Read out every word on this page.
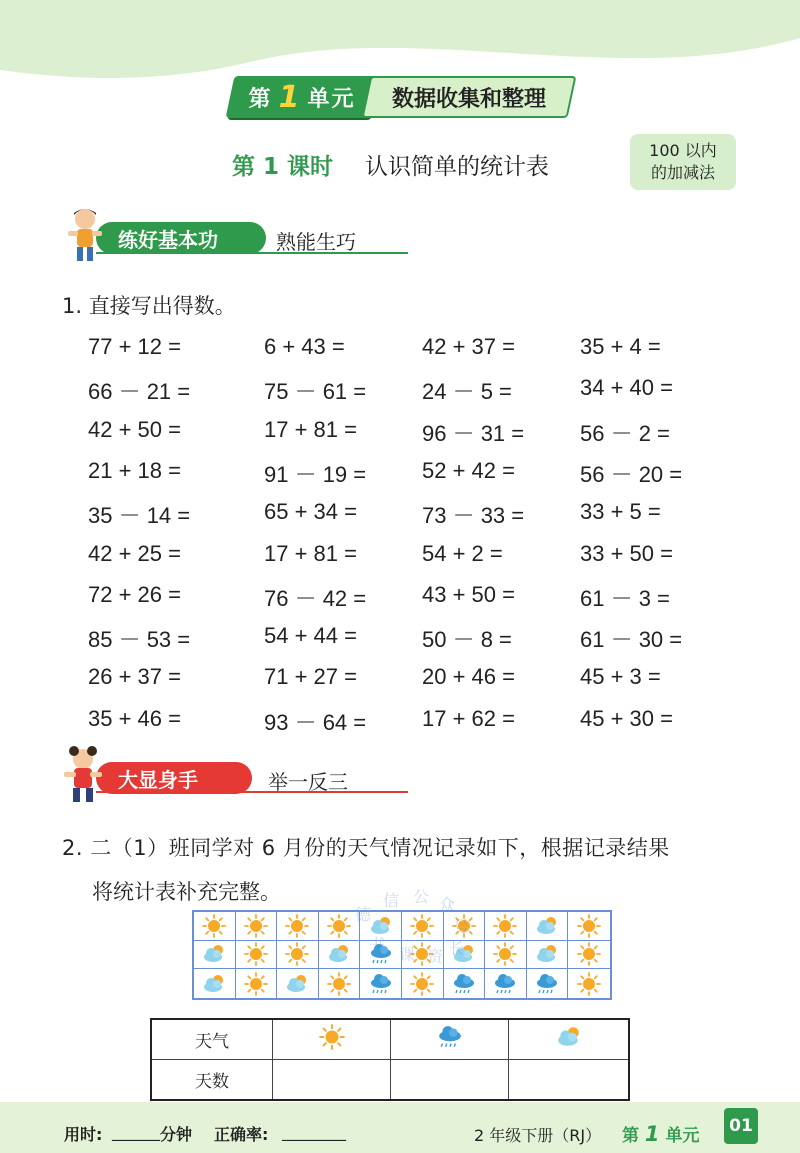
第 1 单元	数据收集和整理
第 1 课时 认识简单的统计表
100 以内
的加减法
练好基本功	熟能生巧
1. 直接写出得数。
大显身手	举一反三
2. 二（1）班同学对 6 月份的天气情况记录如下，根据记录结果
将统计表补充完整。
德
信 公 众
号
书
课 资 长
天气			
天数			
用时: ______ 分钟 正确率: ________	2 年级下册（RJ） 第 1 单元	01
77 + 12 =	6 + 43 =	42 + 37 =	35 + 4 =
66 － 21 =	75 － 61 =	24 － 5 =	34 + 40 =
42 + 50 =	17 + 81 =	96 － 31 =	56 － 2 =
21 + 18 =	91 － 19 =	52 + 42 =	56 － 20 =
35 － 14 =	65 + 34 =	73 － 33 =	33 + 5 =
42 + 25 =	17 + 81 =	54 + 2 =	33 + 50 =
72 + 26 =	76 － 42 =	43 + 50 =	61 － 3 =
85 － 53 =	54 + 44 =	50 － 8 =	61 － 30 =
26 + 37 =	71 + 27 =	20 + 46 =	45 + 3 =
35 + 46 =	93 － 64 =	17 + 62 =	45 + 30 =
